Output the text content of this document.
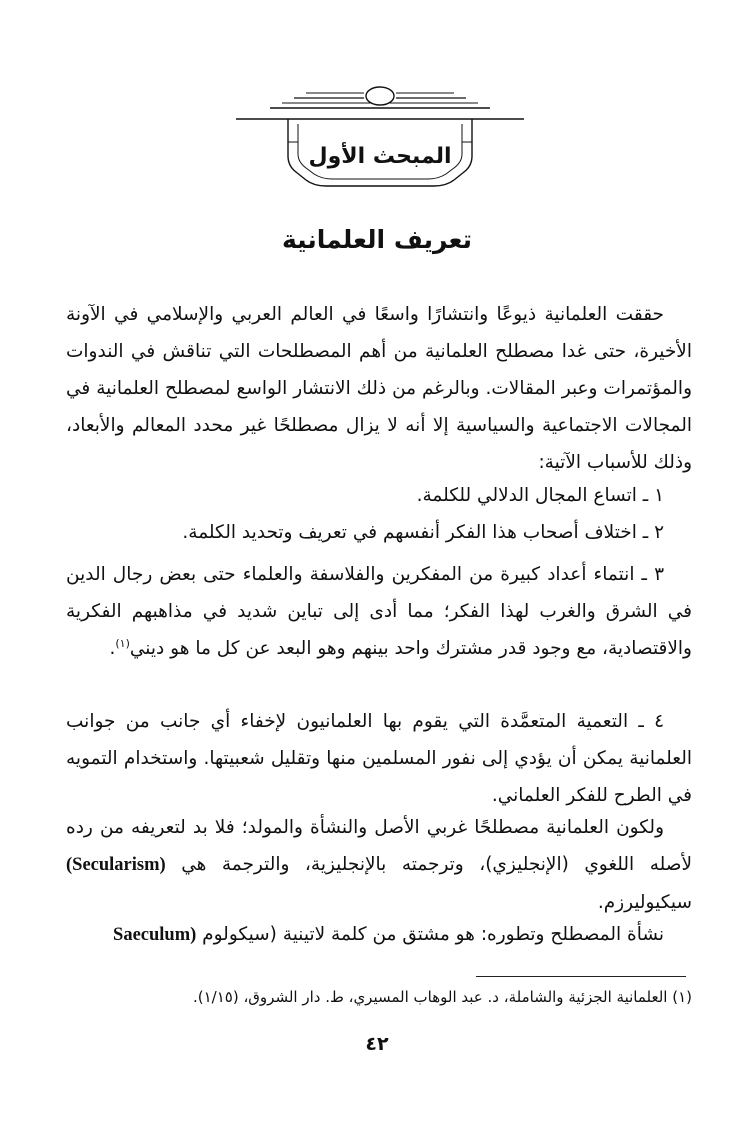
المبحث الأول
تعريف العلمانية

حققت العلمانية ذيوعًا وانتشارًا واسعًا في العالم العربي والإسلامي في الآونة الأخيرة، حتى غدا مصطلح العلمانية من أهم المصطلحات التي تناقش في الندوات والمؤتمرات وعبر المقالات. وبالرغم من ذلك الانتشار الواسع لمصطلح العلمانية في المجالات الاجتماعية والسياسية إلا أنه لا يزال مصطلحًا غير محدد المعالم والأبعاد، وذلك للأسباب الآتية:

١ ـ اتساع المجال الدلالي للكلمة.

٢ ـ اختلاف أصحاب هذا الفكر أنفسهم في تعريف وتحديد الكلمة.

٣ ـ انتماء أعداد كبيرة من المفكرين والفلاسفة والعلماء حتى بعض رجال الدين في الشرق والغرب لهذا الفكر؛ مما أدى إلى تباين شديد في مذاهبهم الفكرية والاقتصادية، مع وجود قدر مشترك واحد بينهم وهو البعد عن كل ما هو ديني$^{(١)}$.

٤ ـ التعمية المتعمَّدة التي يقوم بها العلمانيون لإخفاء أي جانب من جوانب العلمانية يمكن أن يؤدي إلى نفور المسلمين منها وتقليل شعبيتها. واستخدام التمويه في الطرح للفكر العلماني.

ولكون العلمانية مصطلحًا غربي الأصل والنشأة والمولد؛ فلا بد لتعريفه من رده لأصله اللغوي (الإنجليزي)، وترجمته بالإنجليزية، والترجمة هي (Secularism) سيكيوليرزم.

نشأة المصطلح وتطوره: هو مشتق من كلمة لاتينية (سيكولوم Saeculum)

(١) العلمانية الجزئية والشاملة، د. عبد الوهاب المسيري، ط. دار الشروق، (١/١٥).
٤٢
